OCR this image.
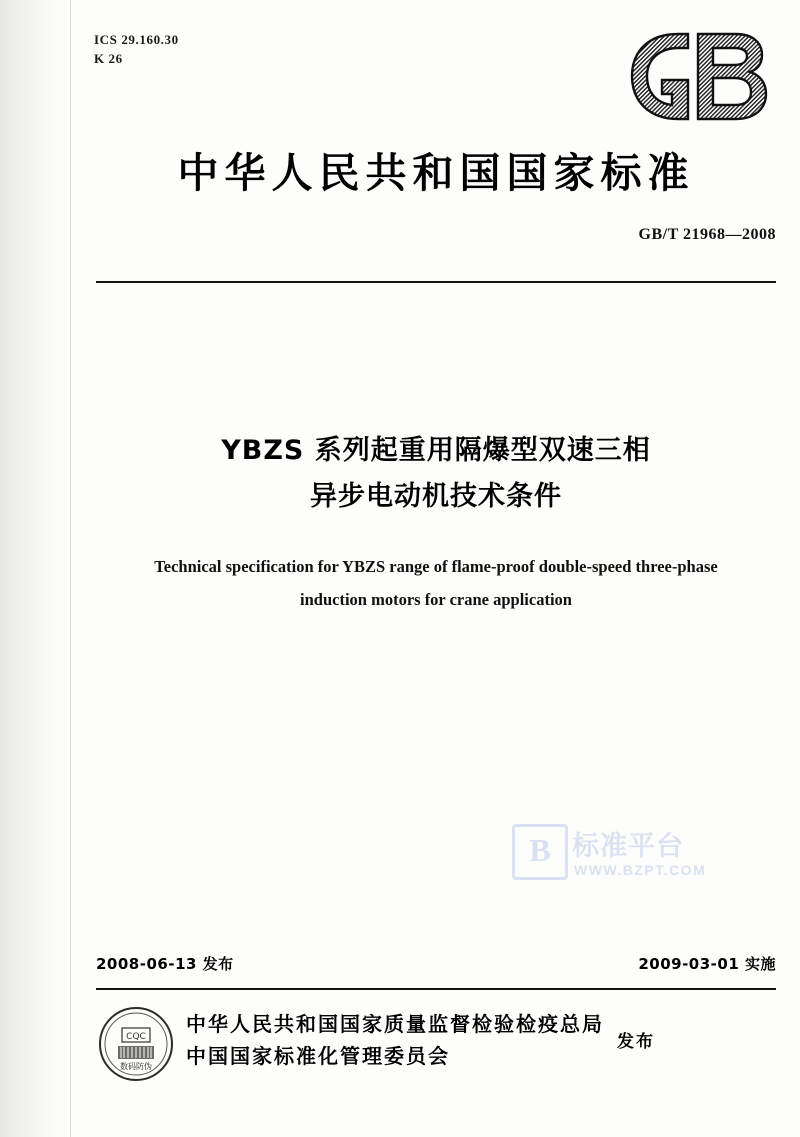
ICS 29.160.30
K 26
中华人民共和国国家标准
GB/T 21968—2008
YBZS 系列起重用隔爆型双速三相
异步电动机技术条件
Technical specification for YBZS range of flame-proof double-speed three-phase
induction motors for crane application
B 标准平台
WWW.BZPT.COM
2008-06-13 发布	2009-03-01 实施
CQC
数码防伪
中华人民共和国国家质量监督检验检疫总局
中国国家标准化管理委员会
发布
